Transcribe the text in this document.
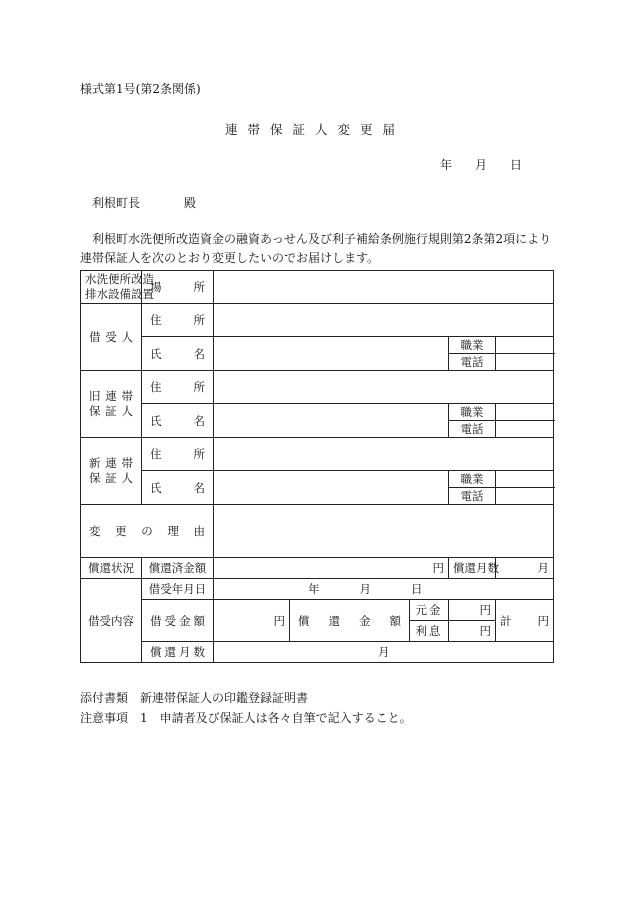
様式第1号(第2条関係)
連帯保証人変更届
年 月 日
利根町長	殿
利根町水洗便所改造資金の融資あっせん及び利子補給条例施行規則第2条第2項により連帯保証人を次のとおり変更したいのでお届けします。
水洗便所改造
排水設備設置	場所					
借受人	住所					
	氏名				職業	
					電話	

旧連帯
保証人	住所					
	氏名				職業	
					電話	

新連帯
保証人	住所					
	氏名				職業	
					電話	
変更の理由						
償還状況	償還済金額	円			償還月数	月
借受内容	借受年月日	年 月 日				
	借受金額	円	償還金額	元金	円	計 円

				利息	円	
	償還月数	月				
添付書類 新連帯保証人の印鑑登録証明書
注意事項 1 申請者及び保証人は各々自筆で記入すること。
